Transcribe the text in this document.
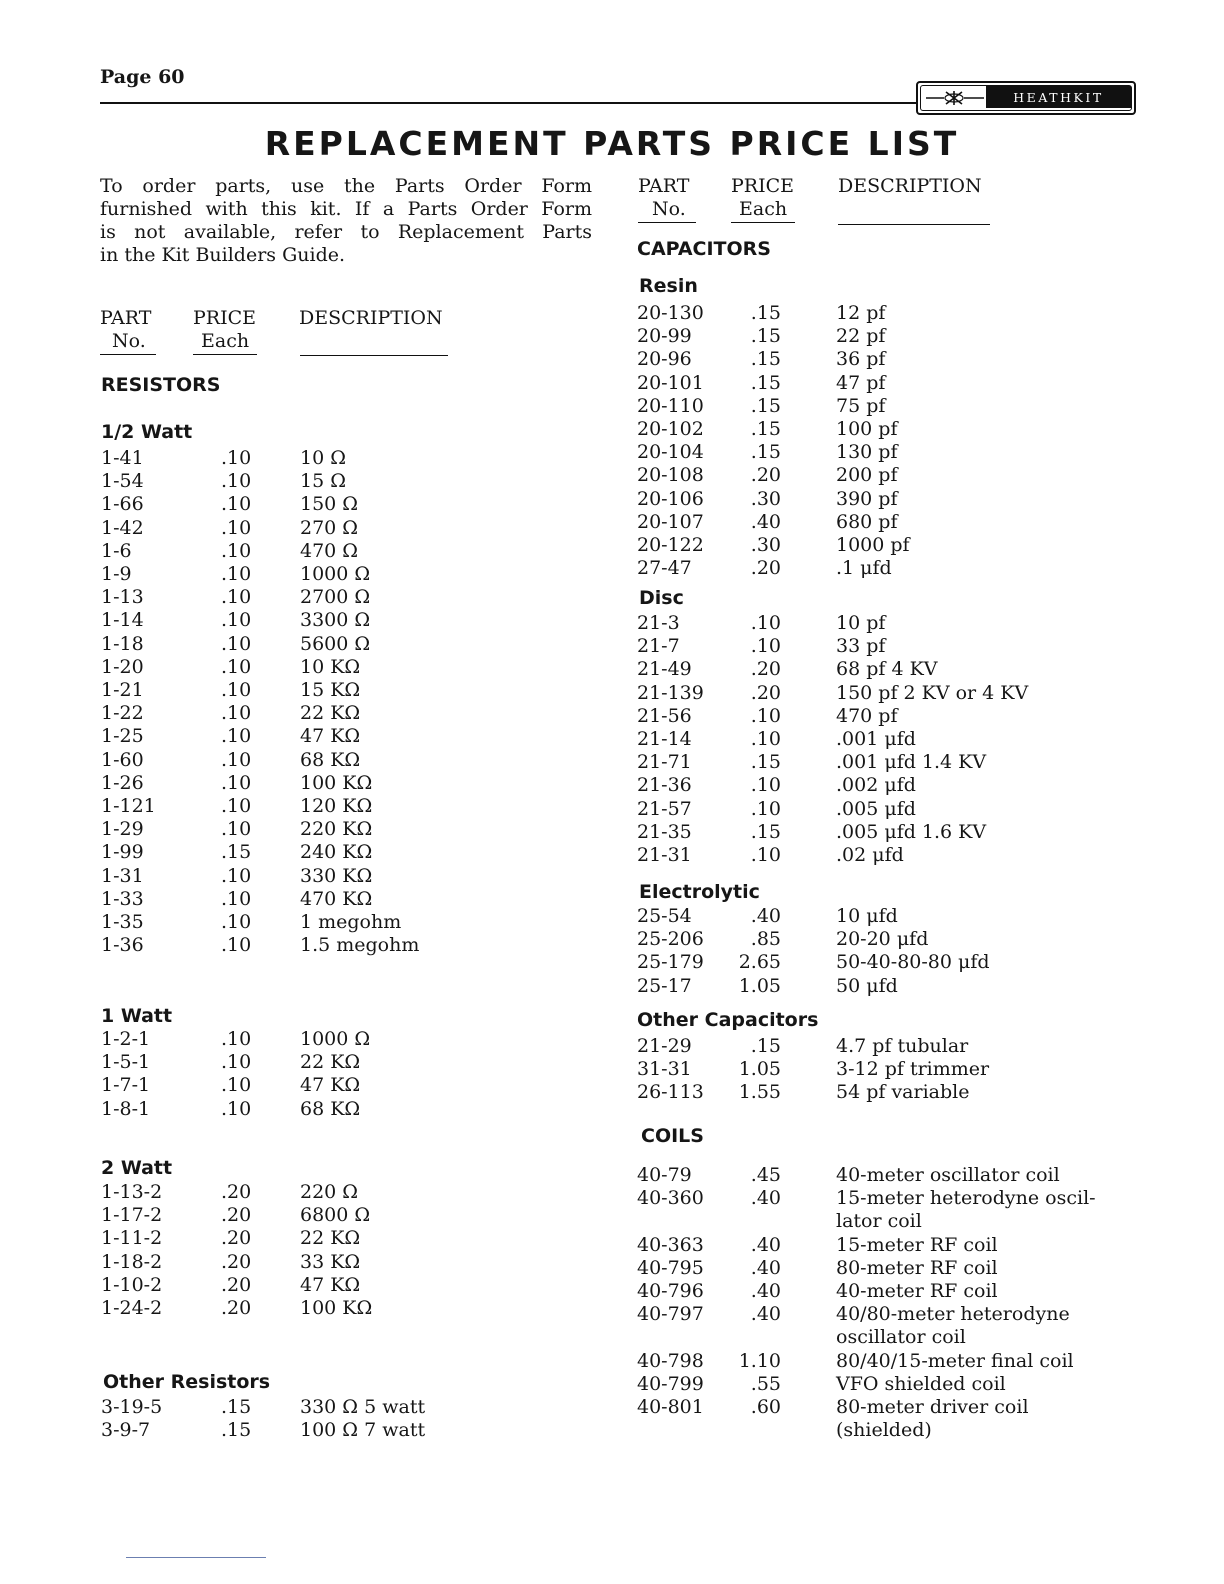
Page 60
HEATHKIT
REPLACEMENT PARTS PRICE LIST
To order parts, use the Parts Order Form
furnished with this kit. If a Parts Order Form
is not available, refer to Replacement Parts
in the Kit Builders Guide.
PART
No.
PRICE
Each
DESCRIPTION
PART
No.
PRICE
Each
DESCRIPTION
RESISTORS
1/2 Watt
1-41	.10	10 Ω
1-54	.10	15 Ω
1-66	.10	150 Ω
1-42	.10	270 Ω
1-6	.10	470 Ω
1-9	.10	1000 Ω
1-13	.10	2700 Ω
1-14	.10	3300 Ω
1-18	.10	5600 Ω
1-20	.10	10 KΩ
1-21	.10	15 KΩ
1-22	.10	22 KΩ
1-25	.10	47 KΩ
1-60	.10	68 KΩ
1-26	.10	100 KΩ
1-121	.10	120 KΩ
1-29	.10	220 KΩ
1-99	.15	240 KΩ
1-31	.10	330 KΩ
1-33	.10	470 KΩ
1-35	.10	1 megohm
1-36	.10	1.5 megohm
1 Watt
1-2-1	.10	1000 Ω
1-5-1	.10	22 KΩ
1-7-1	.10	47 KΩ
1-8-1	.10	68 KΩ
2 Watt
1-13-2	.20	220 Ω
1-17-2	.20	6800 Ω
1-11-2	.20	22 KΩ
1-18-2	.20	33 KΩ
1-10-2	.20	47 KΩ
1-24-2	.20	100 KΩ
Other Resistors
3-19-5	.15	330 Ω 5 watt
3-9-7	.15	100 Ω 7 watt
CAPACITORS
Resin
20-130	.15	12 pf
20-99	.15	22 pf
20-96	.15	36 pf
20-101	.15	47 pf
20-110	.15	75 pf
20-102	.15	100 pf
20-104	.15	130 pf
20-108	.20	200 pf
20-106	.30	390 pf
20-107	.40	680 pf
20-122	.30	1000 pf
27-47	.20	.1 μfd
Disc
21-3	.10	10 pf
21-7	.10	33 pf
21-49	.20	68 pf 4 KV
21-139	.20	150 pf 2 KV or 4 KV
21-56	.10	470 pf
21-14	.10	.001 μfd
21-71	.15	.001 μfd 1.4 KV
21-36	.10	.002 μfd
21-57	.10	.005 μfd
21-35	.15	.005 μfd 1.6 KV
21-31	.10	.02 μfd
Electrolytic
25-54	.40	10 μfd
25-206	.85	20-20 μfd
25-179 2.65	50-40-80-80 μfd
25-17 1.05	50 μfd
Other Capacitors
21-29	.15	4.7 pf tubular
31-31 1.05	3-12 pf trimmer
26-113 1.55	54 pf variable
COILS
40-79	.45	40-meter oscillator coil
40-360	.40	15-meter heterodyne oscil-
lator coil
40-363	.40	15-meter RF coil
40-795	.40	80-meter RF coil
40-796	.40	40-meter RF coil
40-797	.40	40/80-meter heterodyne
oscillator coil
40-798 1.10	80/40/15-meter final coil
40-799	.55	VFO shielded coil
40-801	.60	80-meter driver coil
(shielded)
